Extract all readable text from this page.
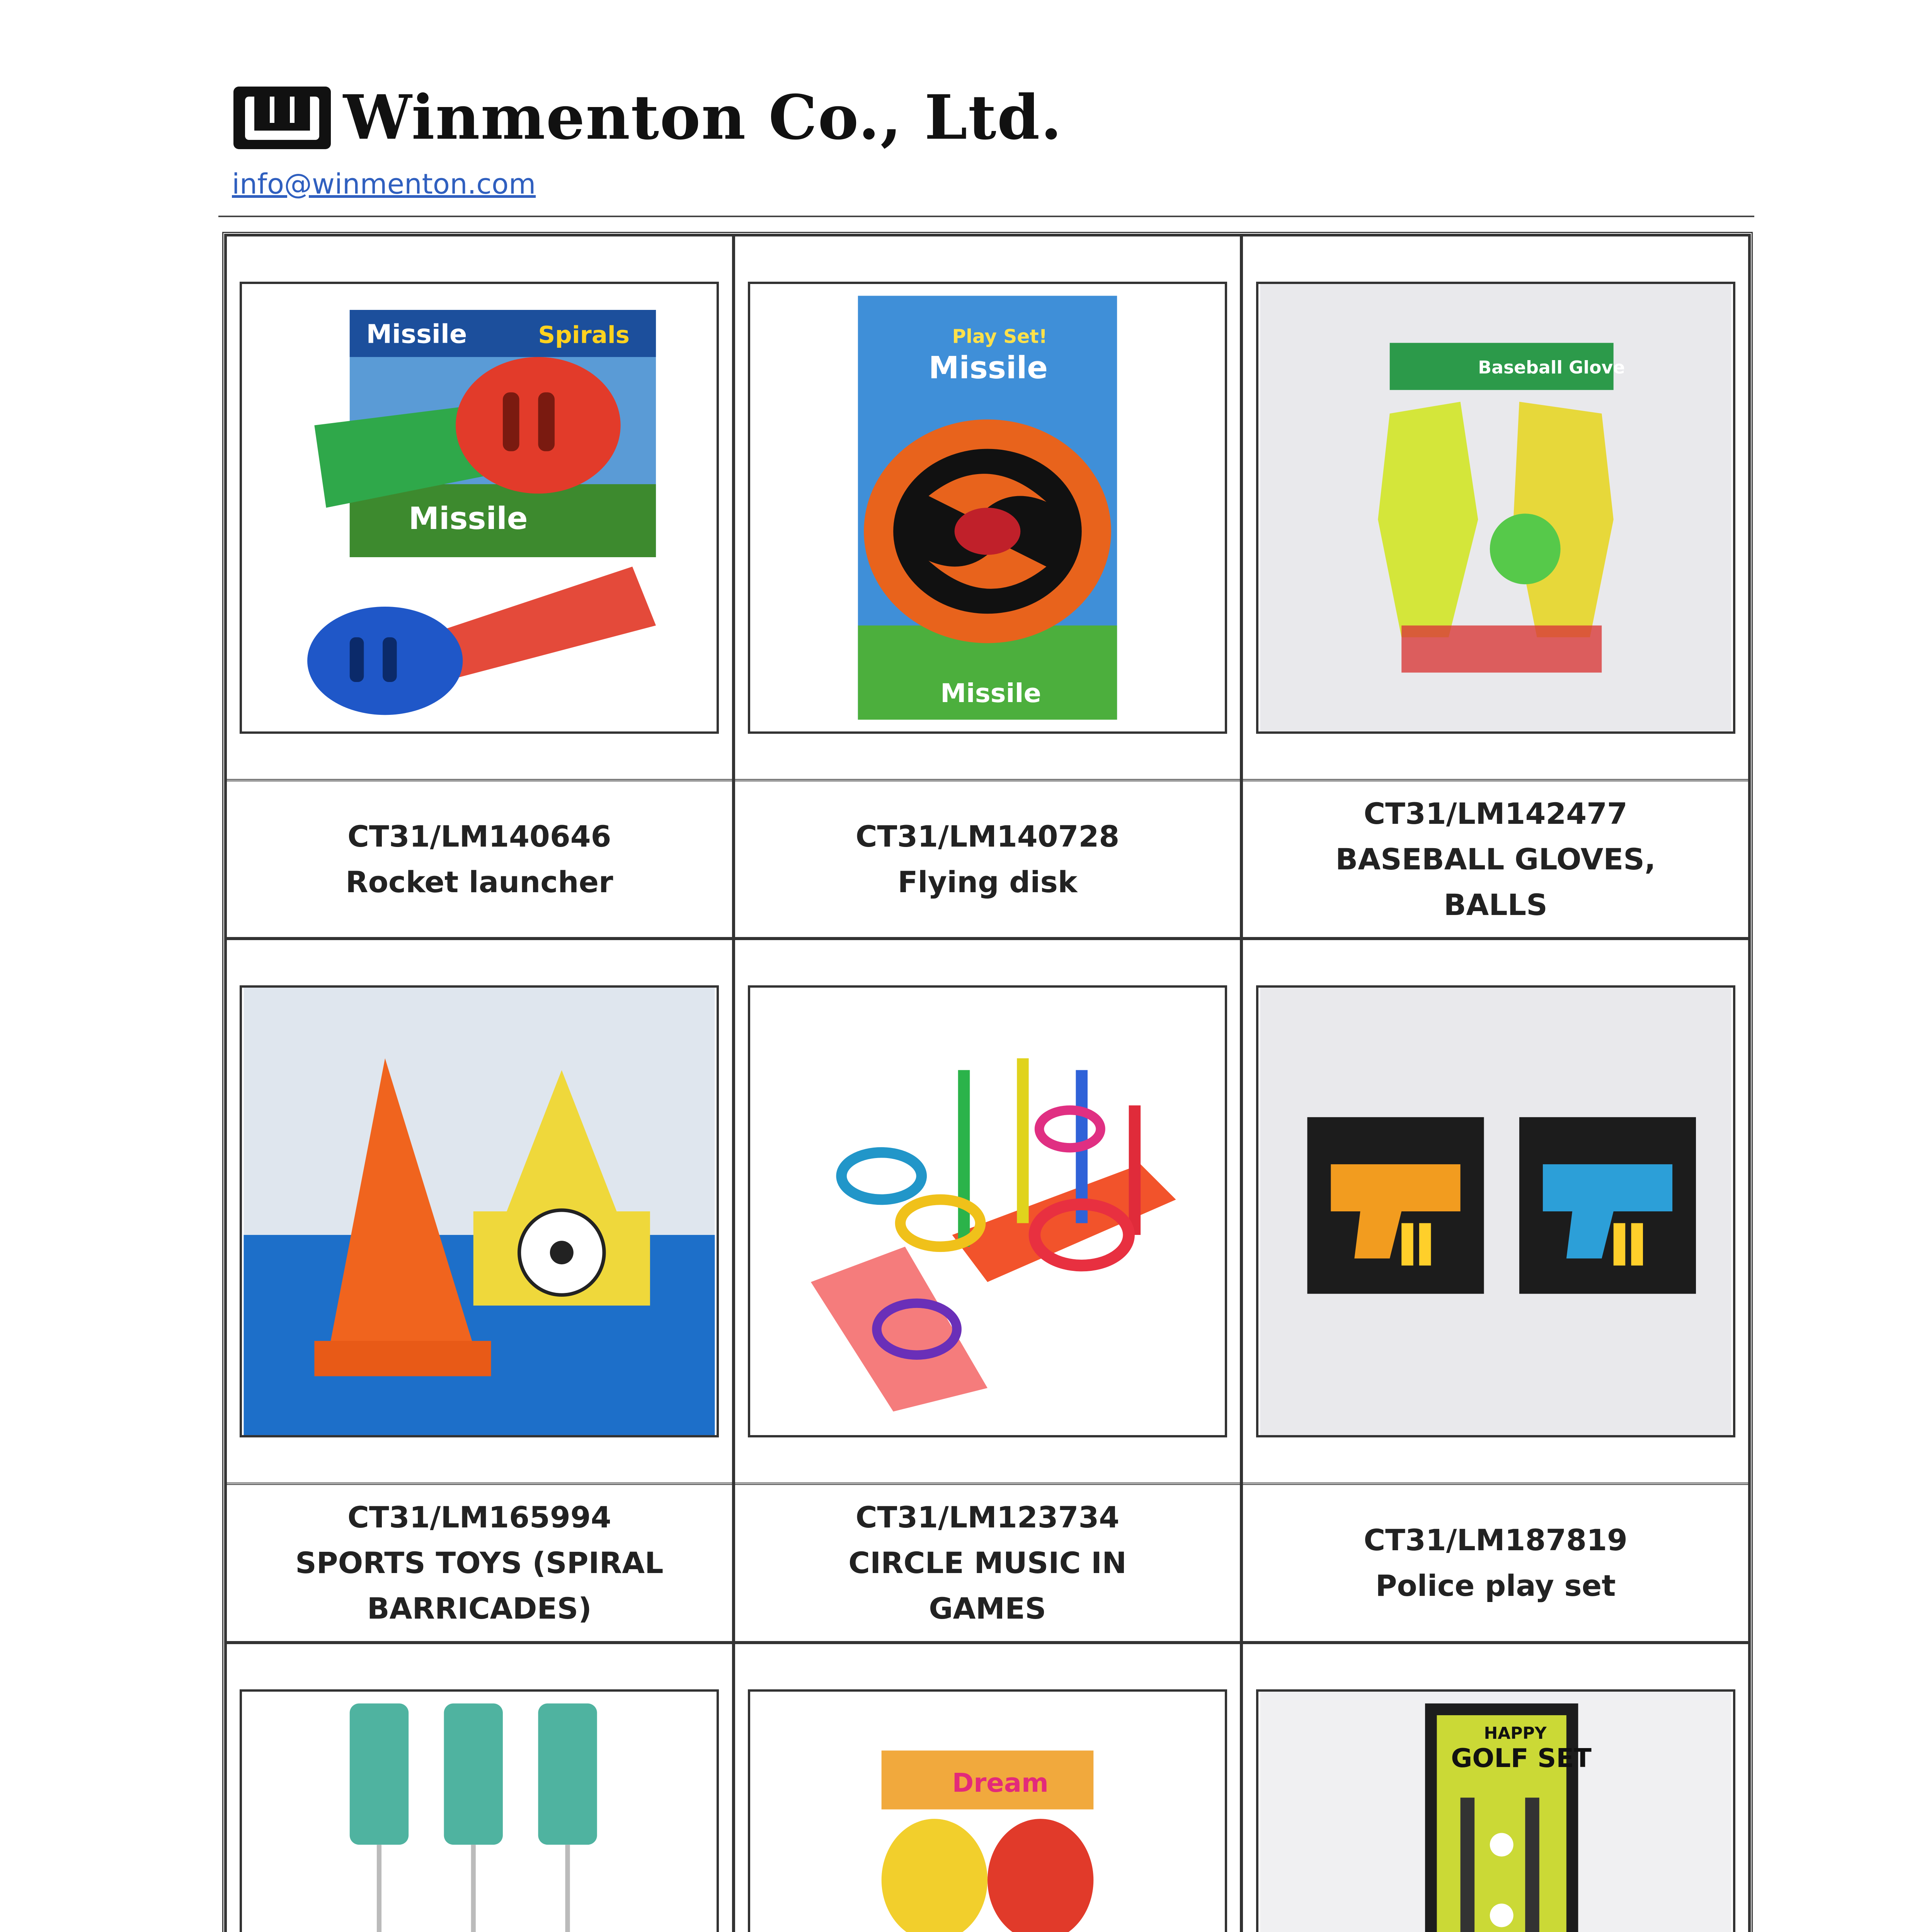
Winmenton Co., Ltd.
info@winmenton.com
Missile	Spirals
Missile
CT31/LM140646
Rocket launcher
Play Set!
Missile
Missile
CT31/LM140728
Flying disk
Baseball Glove
CT31/LM142477
BASEBALL GLOVES, BALLS
CT31/LM165994
SPORTS TOYS (SPIRAL BARRICADES)
CT31/LM123734
CIRCLE MUSIC IN GAMES
CT31/LM187819
Police play set
Dream
HAPPY
GOLF SET
